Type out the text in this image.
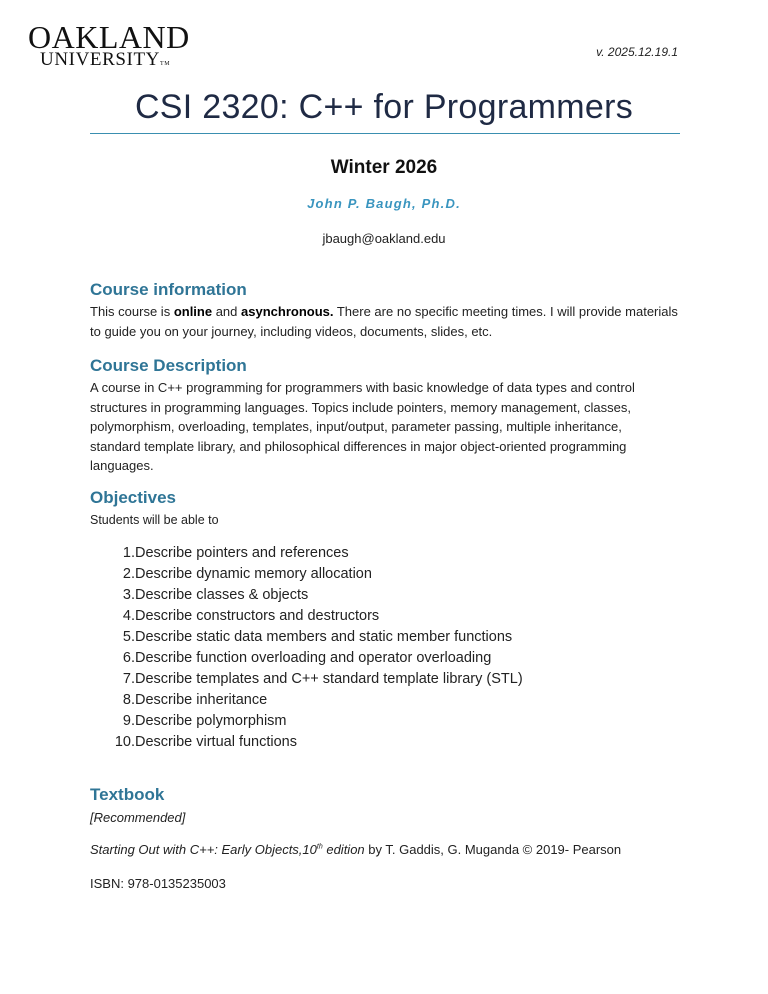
OAKLAND
UNIVERSITYTM
v. 2025.12.19.1
CSI 2320: C++ for Programmers
Winter 2026
John P. Baugh, Ph.D.
jbaugh@oakland.edu
Course information
This course is online and asynchronous. There are no specific meeting times. I will provide materials to guide you on your journey, including videos, documents, slides, etc.
Course Description
A course in C++ programming for programmers with basic knowledge of data types and control structures in programming languages. Topics include pointers, memory management, classes, polymorphism, overloading, templates, input/output, parameter passing, multiple inheritance, standard template library, and philosophical differences in major object-oriented programming languages.
Objectives
Students will be able to
1. Describe pointers and references
2. Describe dynamic memory allocation
3. Describe classes & objects
4. Describe constructors and destructors
5. Describe static data members and static member functions
6. Describe function overloading and operator overloading
7. Describe templates and C++ standard template library (STL)
8. Describe inheritance
9. Describe polymorphism
10. Describe virtual functions
Textbook
[Recommended]
Starting Out with C++: Early Objects,10th edition by T. Gaddis, G. Muganda © 2019- Pearson
ISBN: 978-0135235003
